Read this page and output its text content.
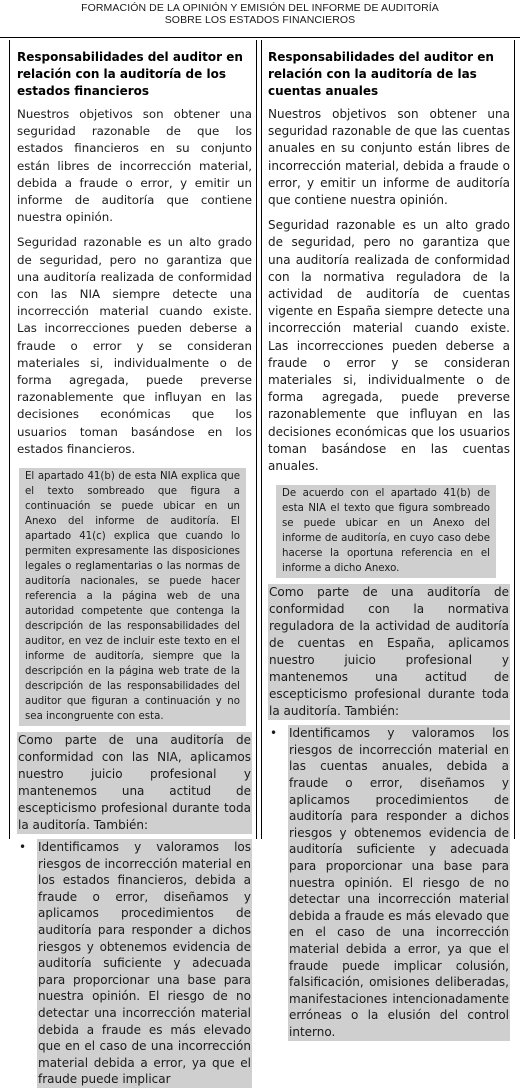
FORMACIÓN DE LA OPINIÓN Y EMISIÓN DEL INFORME DE AUDITORÍA
SOBRE LOS ESTADOS FINANCIEROS
Responsabilidades del auditor en relación con la auditoría de los estados financieros

Nuestros objetivos son obtener una seguridad razonable de que los estados financieros en su conjunto están libres de incorrección material, debida a fraude o error, y emitir un informe de auditoría que contiene nuestra opinión.

Seguridad razonable es un alto grado de seguridad, pero no garantiza que una auditoría realizada de conformidad con las NIA siempre detecte una incorrección material cuando existe. Las incorrecciones pueden deberse a fraude o error y se consideran materiales si, individualmente o de forma agregada, puede preverse razonablemente que influyan en las decisiones económicas que los usuarios toman basándose en los estados financieros.

El apartado 41(b) de esta NIA explica que el texto sombreado que figura a continuación se puede ubicar en un Anexo del informe de auditoría. El apartado 41(c) explica que cuando lo permiten expresamente las disposiciones legales o reglamentarias o las normas de auditoría nacionales, se puede hacer referencia a la página web de una autoridad competente que contenga la descripción de las responsabilidades del auditor, en vez de incluir este texto en el informe de auditoría, siempre que la descripción en la página web trate de la descripción de las responsabilidades del auditor que figuran a continuación y no sea incongruente con esta.
Como parte de una auditoría de conformidad con las NIA, aplicamos nuestro juicio profesional y mantenemos una actitud de escepticismo profesional durante toda la auditoría. También:
• Identificamos y valoramos los riesgos de incorrección material en los estados financieros, debida a fraude o error, diseñamos y aplicamos procedimientos de auditoría para responder a dichos riesgos y obtenemos evidencia de auditoría suficiente y adecuada para proporcionar una base para nuestra opinión. El riesgo de no detectar una incorrección material debida a fraude es más elevado que en el caso de una incorrección material debida a error, ya que el fraude puede implicar
Responsabilidades del auditor en relación con la auditoría de las cuentas anuales

Nuestros objetivos son obtener una seguridad razonable de que las cuentas anuales en su conjunto están libres de incorrección material, debida a fraude o error, y emitir un informe de auditoría que contiene nuestra opinión.

Seguridad razonable es un alto grado de seguridad, pero no garantiza que una auditoría realizada de conformidad con la normativa reguladora de la actividad de auditoría de cuentas vigente en España siempre detecte una incorrección material cuando existe. Las incorrecciones pueden deberse a fraude o error y se consideran materiales si, individualmente o de forma agregada, puede preverse razonablemente que influyan en las decisiones económicas que los usuarios toman basándose en las cuentas anuales.

De acuerdo con el apartado 41(b) de esta NIA el texto que figura sombreado se puede ubicar en un Anexo del informe de auditoría, en cuyo caso debe hacerse la oportuna referencia en el informe a dicho Anexo.
Como parte de una auditoría de conformidad con la normativa reguladora de la actividad de auditoría de cuentas en España, aplicamos nuestro juicio profesional y mantenemos una actitud de escepticismo profesional durante toda la auditoría. También:
• Identificamos y valoramos los riesgos de incorrección material en las cuentas anuales, debida a fraude o error, diseñamos y aplicamos procedimientos de auditoría para responder a dichos riesgos y obtenemos evidencia de auditoría suficiente y adecuada para proporcionar una base para nuestra opinión. El riesgo de no detectar una incorrección material debida a fraude es más elevado que en el caso de una incorrección material debida a error, ya que el fraude puede implicar colusión, falsificación, omisiones deliberadas, manifestaciones intencionadamente erróneas o la elusión del control interno.
